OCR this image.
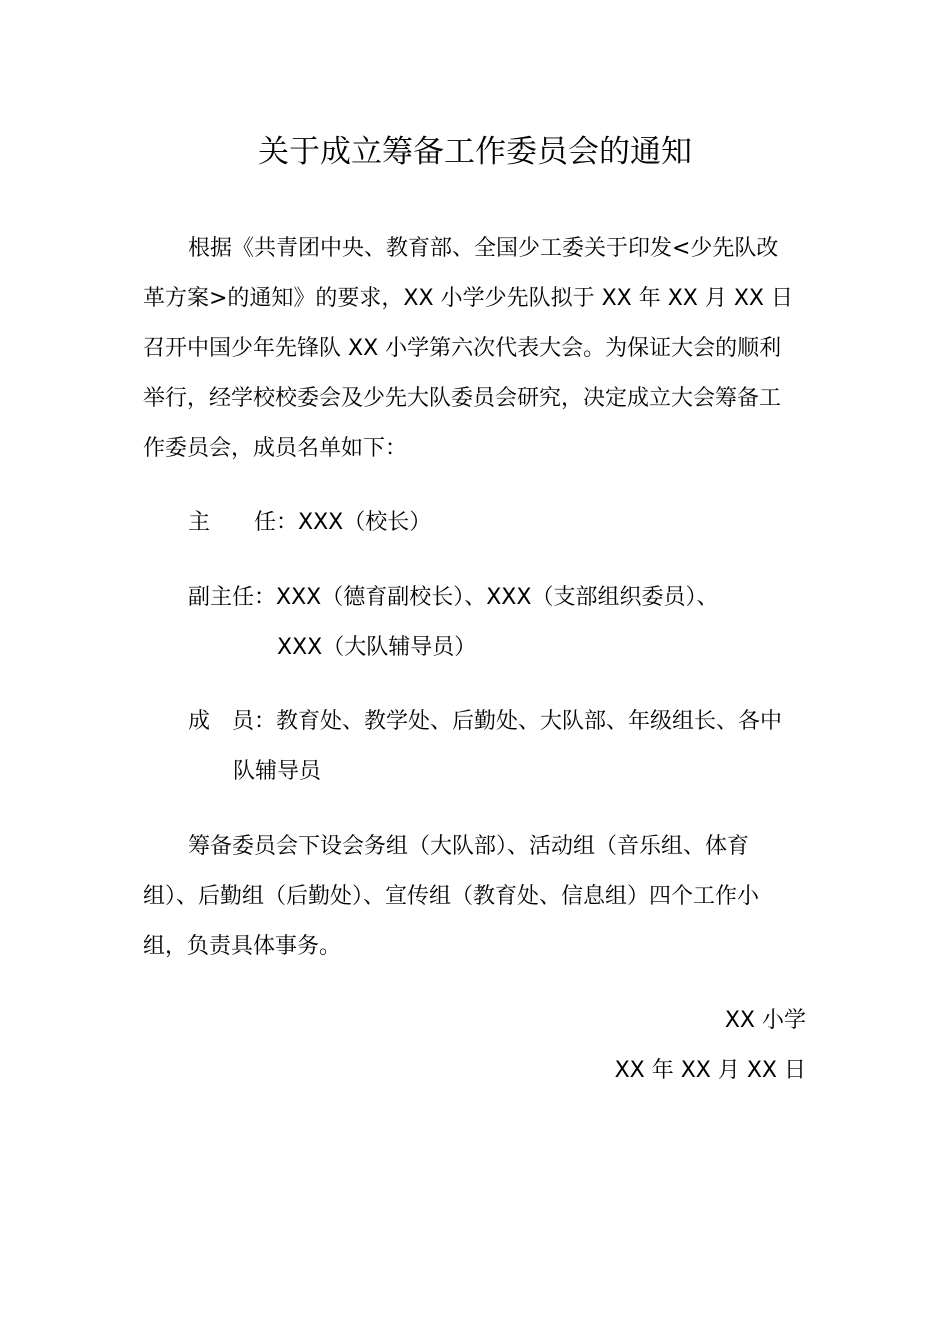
关于成立筹备工作委员会的通知
根据《共青团中央、教育部、全国少工委关于印发<少先队改
革方案>的通知》的要求，XX 小学少先队拟于 XX 年 XX 月 XX 日
召开中国少年先锋队 XX 小学第六次代表大会。为保证大会的顺利
举行，经学校校委会及少先大队委员会研究，决定成立大会筹备工
作委员会，成员名单如下：
主　　任：XXX（校长）
副主任：XXX（德育副校长）、XXX（支部组织委员）、
XXX（大队辅导员）
成　员：教育处、教学处、后勤处、大队部、年级组长、各中
队辅导员
筹备委员会下设会务组（大队部）、活动组（音乐组、体育
组）、后勤组（后勤处）、宣传组（教育处、信息组）四个工作小
组，负责具体事务。
XX 小学
XX 年 XX 月 XX 日
